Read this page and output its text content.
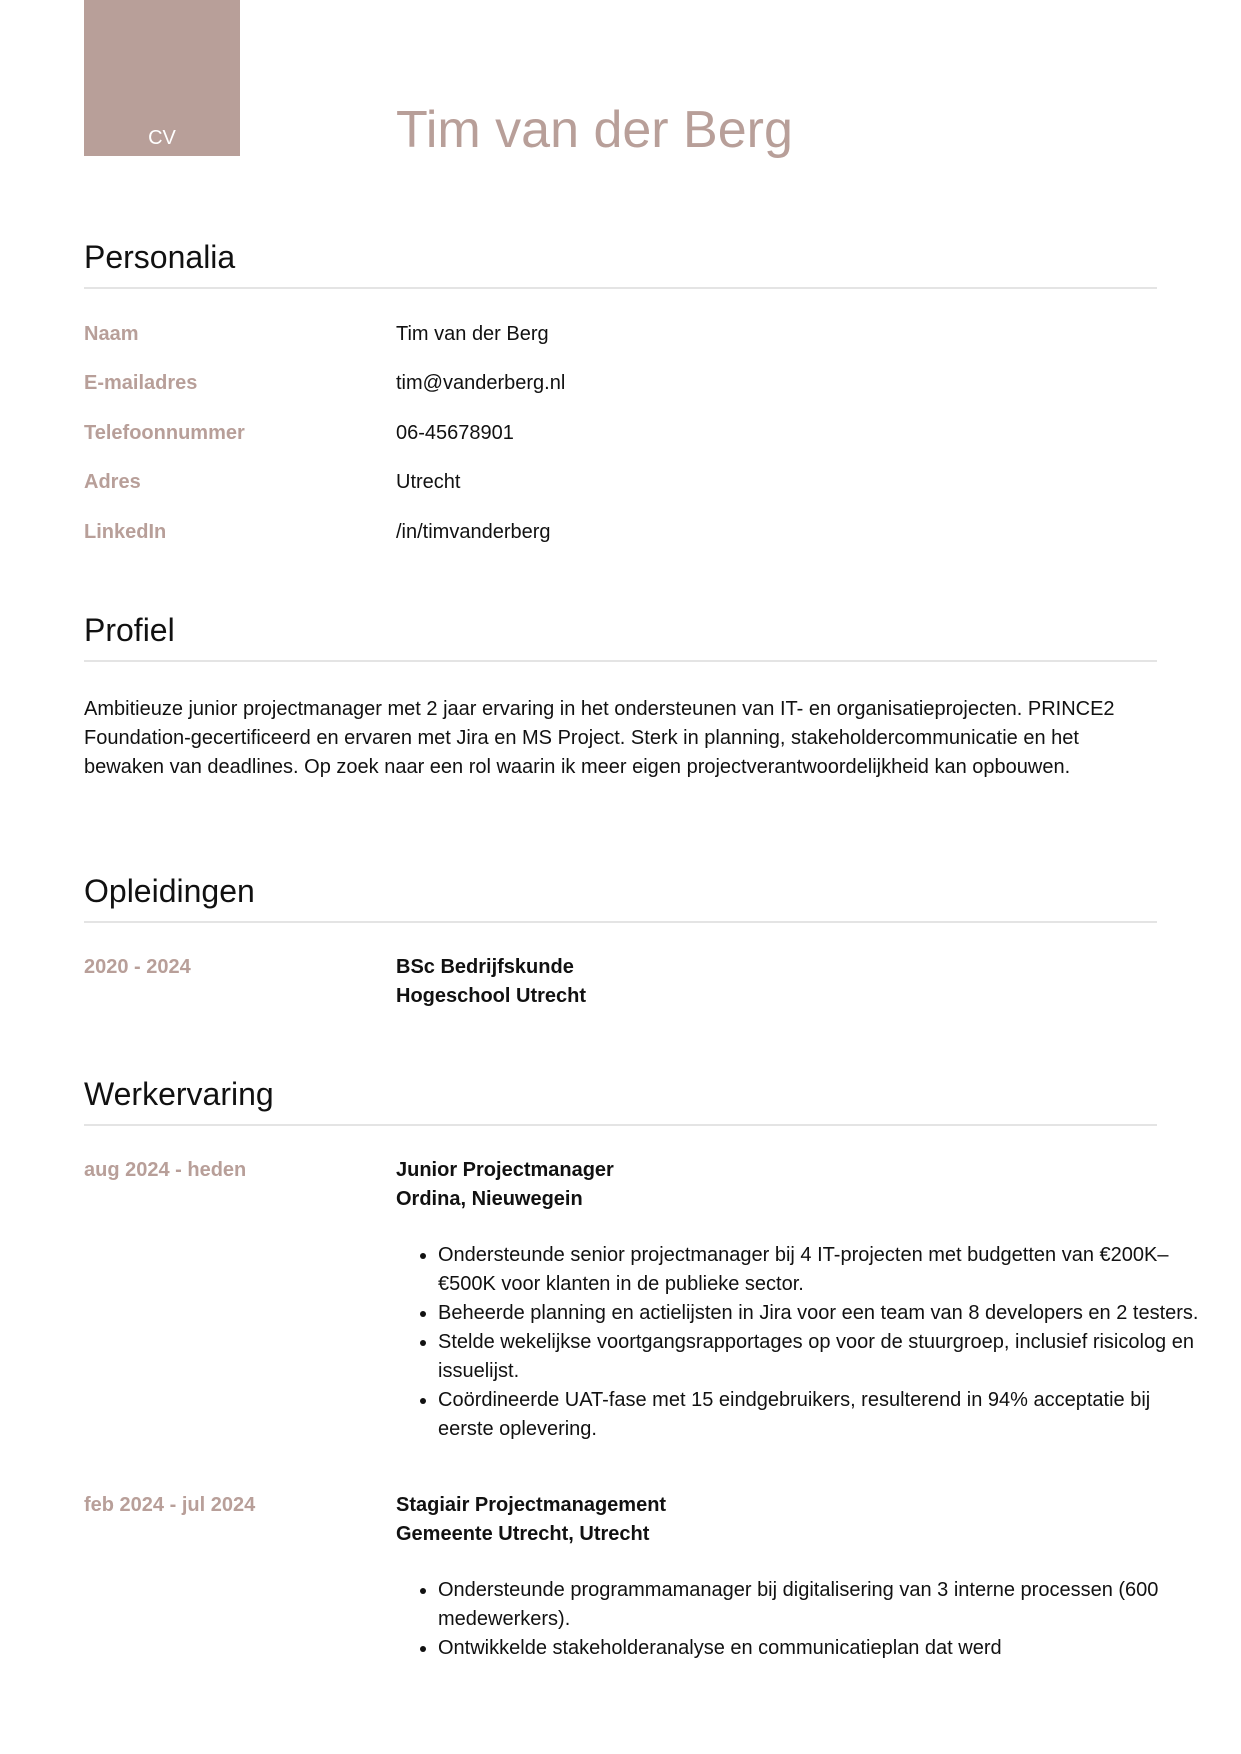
CV	Tim van der Berg
Personalia
Naam	Tim van der Berg
E-mailadres	tim@vanderberg.nl
Telefoonnummer	06-45678901
Adres	Utrecht
LinkedIn	/in/timvanderberg
Profiel

Ambitieuze junior projectmanager met 2 jaar ervaring in het ondersteunen van IT- en organisatieprojecten. PRINCE2 Foundation-gecertificeerd en ervaren met Jira en MS Project. Sterk in planning, stakeholdercommunicatie en het bewaken van deadlines. Op zoek naar een rol waarin ik meer eigen projectverantwoordelijkheid kan opbouwen.

Opleidingen
2020 - 2024	BSc Bedrijfskunde
Hogeschool Utrecht
Werkervaring
aug 2024 - heden	Junior Projectmanager
Ordina, Nieuwegein
• Ondersteunde senior projectmanager bij 4 IT-projecten met budgetten van €200K–€500K voor klanten in de publieke sector.
• Beheerde planning en actielijsten in Jira voor een team van 8 developers en 2 testers.
• Stelde wekelijkse voortgangsrapportages op voor de stuurgroep, inclusief risicolog en issuelijst.
• Coördineerde UAT-fase met 15 eindgebruikers, resulterend in 94% acceptatie bij eerste oplevering.
feb 2024 - jul 2024	Stagiair Projectmanagement
Gemeente Utrecht, Utrecht
• Ondersteunde programmamanager bij digitalisering van 3 interne processen (600 medewerkers).
• Ontwikkelde stakeholderanalyse en communicatieplan dat werd
